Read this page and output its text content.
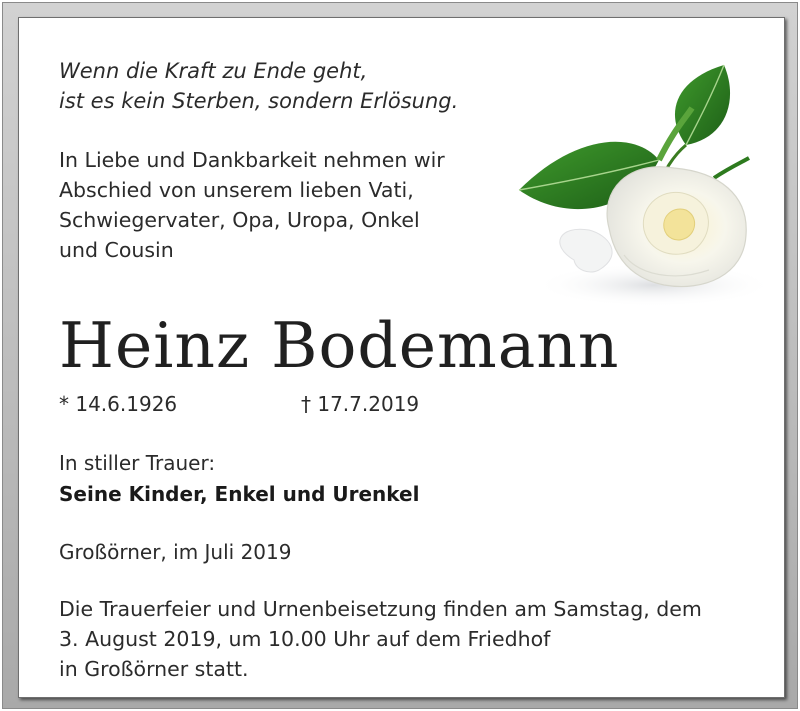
Wenn die Kraft zu Ende geht,
ist es kein Sterben, sondern Erlösung.

In Liebe und Dankbarkeit nehmen wir
Abschied von unserem lieben Vati,
Schwiegervater, Opa, Uropa, Onkel
und Cousin

Heinz Bodemann
* 14.6.1926	† 17.7.2019
In stiller Trauer:
Seine Kinder, Enkel und Urenkel
Großörner, im Juli 2019

Die Trauerfeier und Urnenbeisetzung finden am Samstag, dem
3. August 2019, um 10.00 Uhr auf dem Friedhof
in Großörner statt.
